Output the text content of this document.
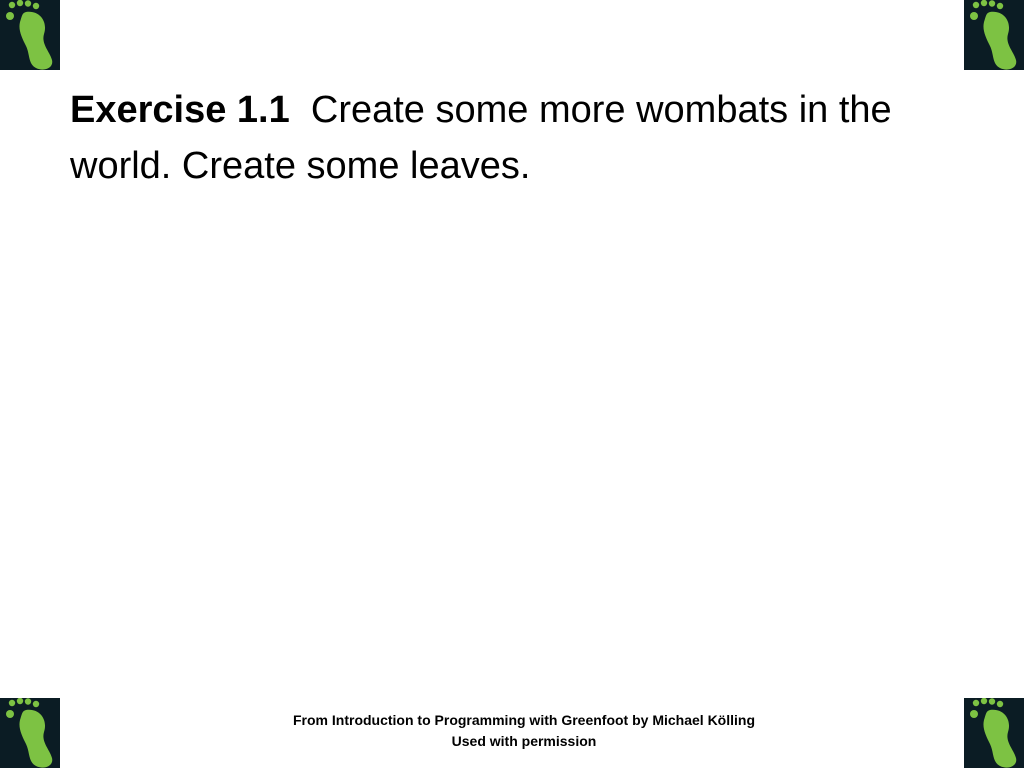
Exercise 1.1 Create some more wombats in the world. Create some leaves.
From Introduction to Programming with Greenfoot by Michael Kölling
Used with permission
